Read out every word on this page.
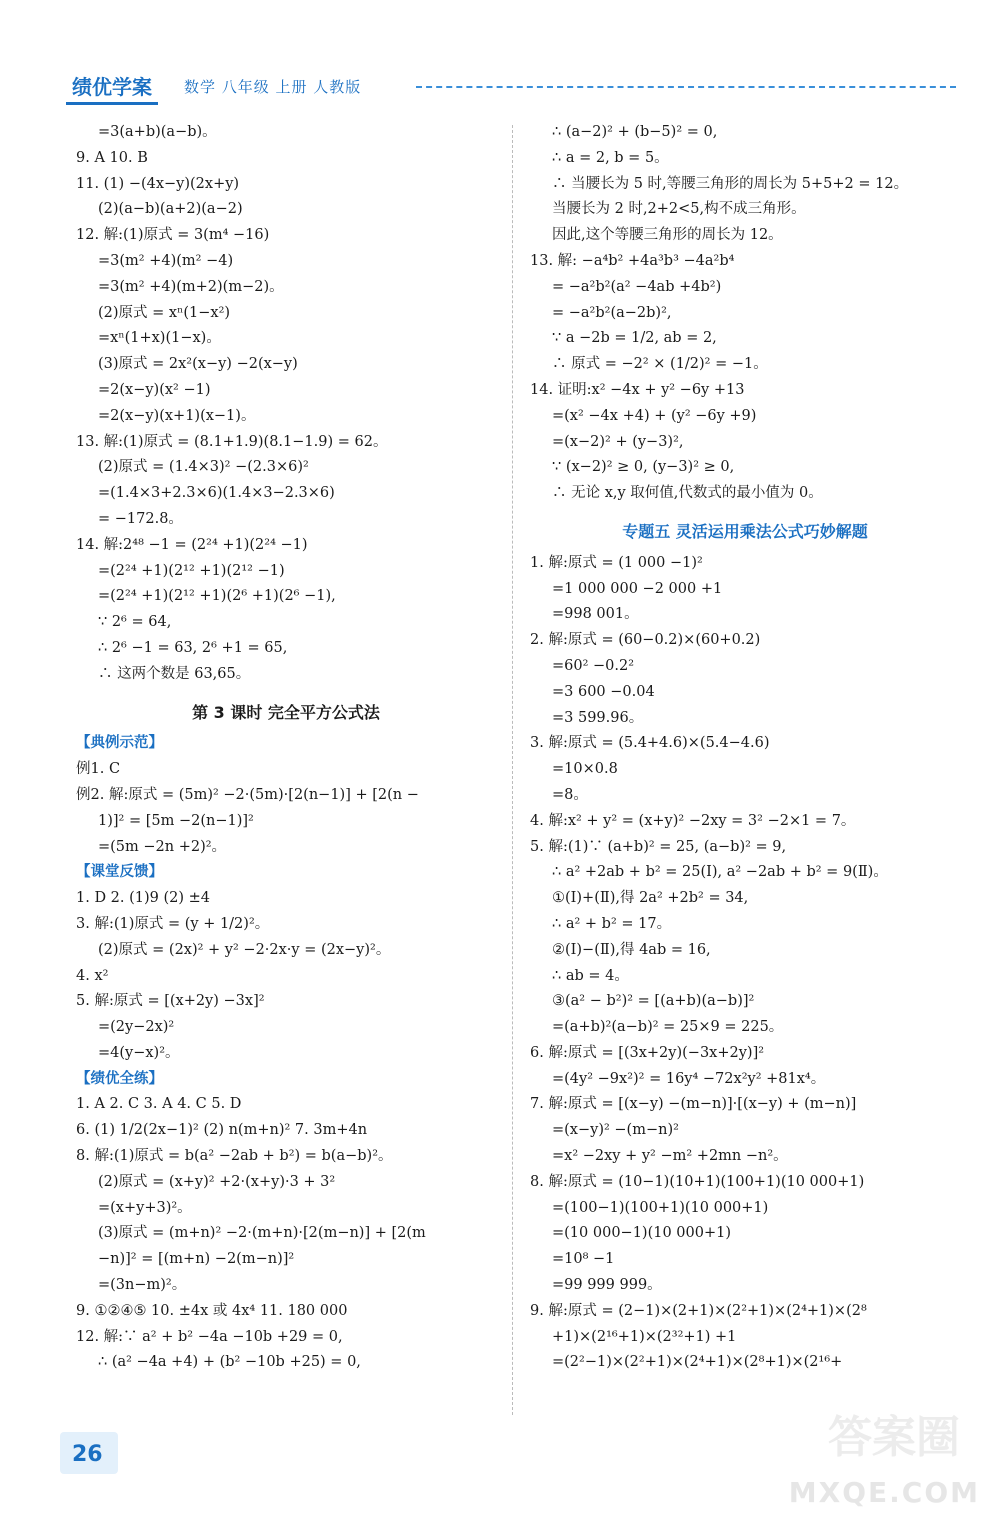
绩优学案	数学 八年级 上册 人教版
=3(a+b)(a−b)。
9. A 10. B
11. (1) −(4x−y)(2x+y)
(2)(a−b)(a+2)(a−2)
12. 解:(1)原式 = 3(m⁴ −16)
=3(m² +4)(m² −4)
=3(m² +4)(m+2)(m−2)。
(2)原式 = xⁿ(1−x²)
=xⁿ(1+x)(1−x)。
(3)原式 = 2x²(x−y) −2(x−y)
=2(x−y)(x² −1)
=2(x−y)(x+1)(x−1)。
13. 解:(1)原式 = (8.1+1.9)(8.1−1.9) = 62。
(2)原式 = (1.4×3)² −(2.3×6)²
=(1.4×3+2.3×6)(1.4×3−2.3×6)
= −172.8。
14. 解:2⁴⁸ −1 = (2²⁴ +1)(2²⁴ −1)
=(2²⁴ +1)(2¹² +1)(2¹² −1)
=(2²⁴ +1)(2¹² +1)(2⁶ +1)(2⁶ −1),
∵ 2⁶ = 64,
∴ 2⁶ −1 = 63, 2⁶ +1 = 65,
∴ 这两个数是 63,65。
第 3 课时 完全平方公式法
【典例示范】
例1. C
例2. 解:原式 = (5m)² −2·(5m)·[2(n−1)] + [2(n −
1)]² = [5m −2(n−1)]²
=(5m −2n +2)²。
【课堂反馈】
1. D 2. (1)9 (2) ±4
3. 解:(1)原式 = (y + 1/2)²。
(2)原式 = (2x)² + y² −2·2x·y = (2x−y)²。
4. x²
5. 解:原式 = [(x+2y) −3x]²
=(2y−2x)²
=4(y−x)²。
【绩优全练】
1. A 2. C 3. A 4. C 5. D
6. (1) 1/2(2x−1)² (2) n(m+n)² 7. 3m+4n
8. 解:(1)原式 = b(a² −2ab + b²) = b(a−b)²。
(2)原式 = (x+y)² +2·(x+y)·3 + 3²
=(x+y+3)²。
(3)原式 = (m+n)² −2·(m+n)·[2(m−n)] + [2(m
−n)]² = [(m+n) −2(m−n)]²
=(3n−m)²。
9. ①②④⑤ 10. ±4x 或 4x⁴ 11. 180 000
12. 解:∵ a² + b² −4a −10b +29 = 0,
∴ (a² −4a +4) + (b² −10b +25) = 0,
∴ (a−2)² + (b−5)² = 0,
∴ a = 2, b = 5。
∴ 当腰长为 5 时,等腰三角形的周长为 5+5+2 = 12。
当腰长为 2 时,2+2<5,构不成三角形。
因此,这个等腰三角形的周长为 12。
13. 解: −a⁴b² +4a³b³ −4a²b⁴
= −a²b²(a² −4ab +4b²)
= −a²b²(a−2b)²,
∵ a −2b = 1/2, ab = 2,
∴ 原式 = −2² × (1/2)² = −1。
14. 证明:x² −4x + y² −6y +13
=(x² −4x +4) + (y² −6y +9)
=(x−2)² + (y−3)²,
∵ (x−2)² ≥ 0, (y−3)² ≥ 0,
∴ 无论 x,y 取何值,代数式的最小值为 0。
专题五 灵活运用乘法公式巧妙解题
1. 解:原式 = (1 000 −1)²
=1 000 000 −2 000 +1
=998 001。
2. 解:原式 = (60−0.2)×(60+0.2)
=60² −0.2²
=3 600 −0.04
=3 599.96。
3. 解:原式 = (5.4+4.6)×(5.4−4.6)
=10×0.8
=8。
4. 解:x² + y² = (x+y)² −2xy = 3² −2×1 = 7。
5. 解:(1)∵ (a+b)² = 25, (a−b)² = 9,
∴ a² +2ab + b² = 25(Ⅰ), a² −2ab + b² = 9(Ⅱ)。
①(Ⅰ)+(Ⅱ),得 2a² +2b² = 34,
∴ a² + b² = 17。
②(Ⅰ)−(Ⅱ),得 4ab = 16,
∴ ab = 4。
③(a² − b²)² = [(a+b)(a−b)]²
=(a+b)²(a−b)² = 25×9 = 225。
6. 解:原式 = [(3x+2y)(−3x+2y)]²
=(4y² −9x²)² = 16y⁴ −72x²y² +81x⁴。
7. 解:原式 = [(x−y) −(m−n)]·[(x−y) + (m−n)]
=(x−y)² −(m−n)²
=x² −2xy + y² −m² +2mn −n²。
8. 解:原式 = (10−1)(10+1)(100+1)(10 000+1)
=(100−1)(100+1)(10 000+1)
=(10 000−1)(10 000+1)
=10⁸ −1
=99 999 999。
9. 解:原式 = (2−1)×(2+1)×(2²+1)×(2⁴+1)×(2⁸
+1)×(2¹⁶+1)×(2³²+1) +1
=(2²−1)×(2²+1)×(2⁴+1)×(2⁸+1)×(2¹⁶+
26	答案圈
MXQE.COM
